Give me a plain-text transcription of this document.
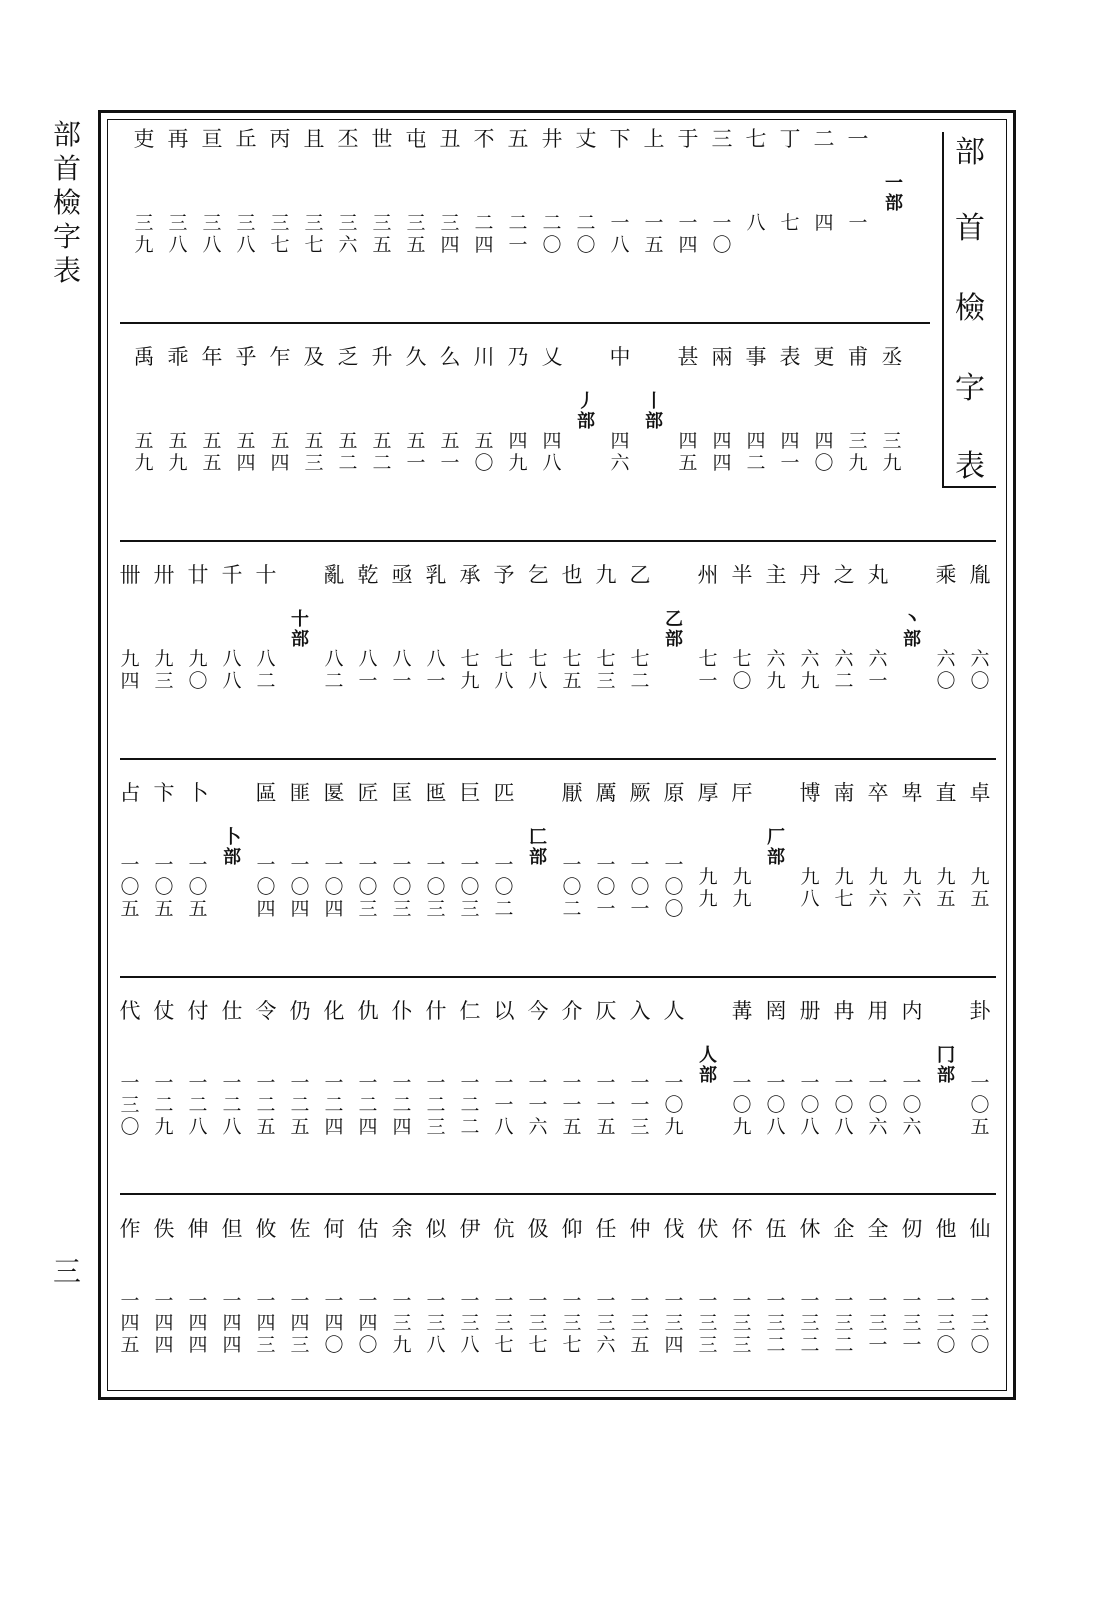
部首檢字表
三
部
首
檢
字
表
一
一
二
四
丁
七
七
八
三
一
〇
于
一
四
上
一
五
下
一
八
丈
二
〇
井
二
〇
五
二
一
不
二
四
丑
三
四
屯
三
五
世
三
五
丕
三
六
且
三
七
丙
三
七
丘
三
八
亘
三
八
再
三
八
吏
三
九
一
部
丞
三
九
甫
三
九
更
四
〇
表
四
一
事
四
二
兩
四
四
甚
四
五
丨
部
中
四
六
丿
部
乂
四
八
乃
四
九
川
五
〇
么
五
一
久
五
一
升
五
二
乏
五
二
及
五
三
乍
五
四
乎
五
四
年
五
五
乖
五
九
禹
五
九
胤
六
〇
乘
六
〇
丶
部
丸
六
一
之
六
二
丹
六
九
主
六
九
半
七
〇
州
七
一
乙
部
乙
七
二
九
七
三
也
七
五
乞
七
八
予
七
八
承
七
九
乳
八
一
亟
八
一
乾
八
一
亂
八
二
十
部
十
八
二
千
八
八
廿
九
〇
卅
九
三
卌
九
四
卓
九
五
直
九
五
卑
九
六
卒
九
六
南
九
七
博
九
八
厂
部
厈
九
九
厚
九
九
原
一
〇
〇
厥
一
〇
一
厲
一
〇
一
厭
一
〇
二
匚
部
匹
一
〇
二
巨
一
〇
三
匜
一
〇
三
匡
一
〇
三
匠
一
〇
三
匽
一
〇
四
匪
一
〇
四
區
一
〇
四
卜
部
卜
一
〇
五
卞
一
〇
五
占
一
〇
五
卦
一
〇
五
冂
部
内
一
〇
六
用
一
〇
六
冉
一
〇
八
册
一
〇
八
罔
一
〇
八
冓
一
〇
九
人
部
人
一
〇
九
入
一
一
三
仄
一
一
五
介
一
一
五
今
一
一
六
以
一
一
八
仁
一
二
二
什
一
二
三
仆
一
二
四
仇
一
二
四
化
一
二
四
仍
一
二
五
令
一
二
五
仕
一
二
八
付
一
二
八
仗
一
二
九
代
一
三
〇
仙
一
三
〇
他
一
三
〇
仞
一
三
一
全
一
三
一
企
一
三
二
休
一
三
二
伍
一
三
二
伓
一
三
三
伏
一
三
三
伐
一
三
四
仲
一
三
五
任
一
三
六
仰
一
三
七
伋
一
三
七
伉
一
三
七
伊
一
三
八
似
一
三
八
余
一
三
九
估
一
四
〇
何
一
四
〇
佐
一
四
三
攸
一
四
三
但
一
四
四
伸
一
四
四
佚
一
四
四
作
一
四
五
